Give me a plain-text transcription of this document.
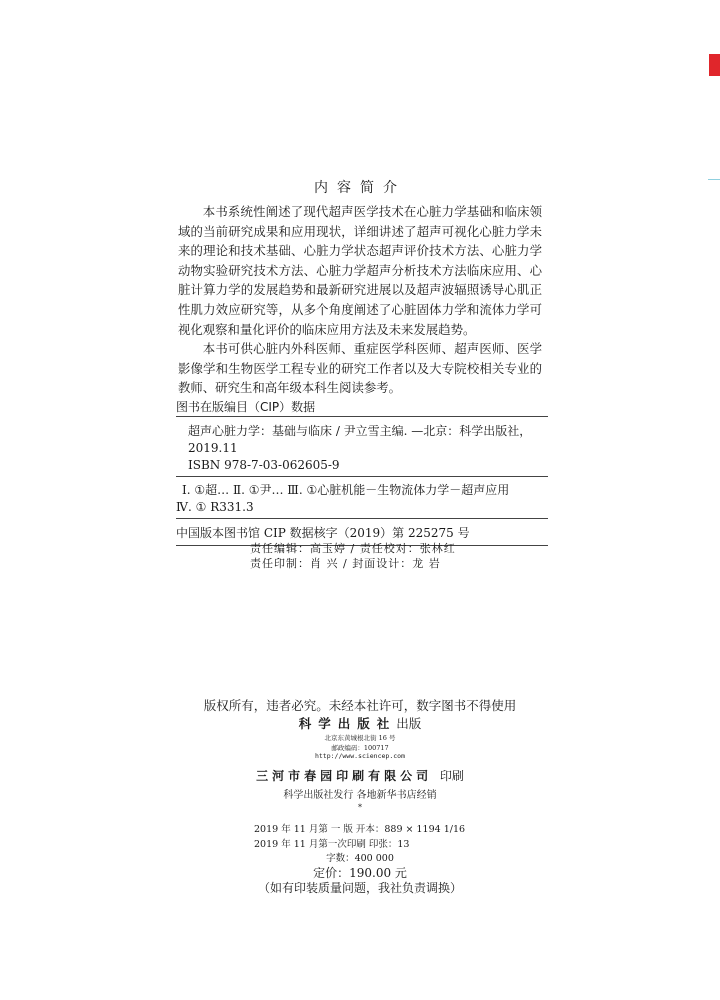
内容简介

本书系统性阐述了现代超声医学技术在心脏力学基础和临床领域的当前研究成果和应用现状，详细讲述了超声可视化心脏力学未来的理论和技术基础、心脏力学状态超声评价技术方法、心脏力学动物实验研究技术方法、心脏力学超声分析技术方法临床应用、心脏计算力学的发展趋势和最新研究进展以及超声波辐照诱导心肌正性肌力效应研究等，从多个角度阐述了心脏固体力学和流体力学可视化观察和量化评价的临床应用方法及未来发展趋势。

本书可供心脏内外科医师、重症医学科医师、超声医师、医学影像学和生物医学工程专业的研究工作者以及大专院校相关专业的教师、研究生和高年级本科生阅读参考。

图书在版编目（CIP）数据
超声心脏力学：基础与临床 / 尹立雪主编. —北京：科学出版社，2019.11
ISBN 978-7-03-062605-9
Ⅰ. ①超… Ⅱ. ①尹… Ⅲ. ①心脏机能－生物流体力学－超声应用
Ⅳ. ① R331.3
中国版本图书馆 CIP 数据核字（2019）第 225275 号
责任编辑：高玉婷 / 责任校对：张林红
责任印制：肖 兴 / 封面设计：龙 岩
版权所有，违者必究。未经本社许可，数字图书不得使用
科学出版社出版
北京东黄城根北街 16 号
邮政编码：100717
http://www.sciencep.com
三河市春园印刷有限公司 印刷
科学出版社发行 各地新华书店经销
*
2019 年 11 月第 一 版 开本：889 × 1194 1/16
2019 年 11 月第一次印刷 印张：13
字数：400 000
定价：190.00 元
（如有印装质量问题，我社负责调换）
